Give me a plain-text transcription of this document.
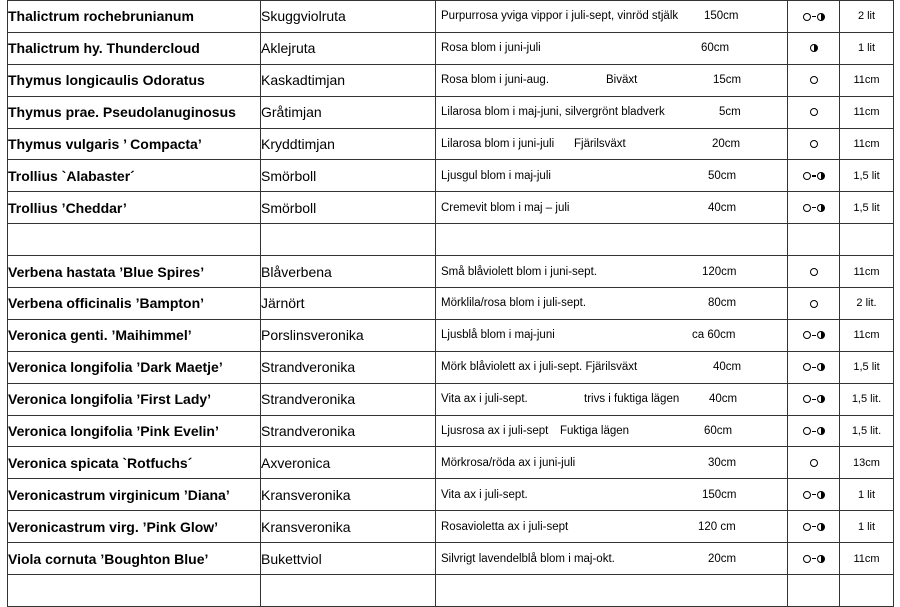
Thalictrum rochebrunianum	Skuggviolruta	Purpurrosa yviga vippor i juli-sept, vinröd stjälk 150cm		2 lit
Thalictrum hy. Thundercloud	Aklejruta	Rosa blom i juni-juli 60cm		1 lit
Thymus longicaulis Odoratus	Kaskadtimjan	Rosa blom i juni-aug. Biväxt 15cm		11cm
Thymus prae. Pseudolanuginosus	Gråtimjan	Lilarosa blom i maj-juni, silvergrönt bladverk 5cm		11cm
Thymus vulgaris ’ Compacta’	Kryddtimjan	Lilarosa blom i juni-juli Fjärilsväxt 20cm		11cm
Trollius `Alabaster´	Smörboll	Ljusgul blom i maj-juli 50cm		1,5 lit
Trollius ’Cheddar’	Smörboll	Cremevit blom i maj – juli 40cm		1,5 lit

Verbena hastata ’Blue Spires’	Blåverbena	Små blåviolett blom i juni-sept. 120cm		11cm
Verbena officinalis ’Bampton’	Järnört	Mörklila/rosa blom i juli-sept. 80cm		2 lit.
Veronica genti. ’Maihimmel’	Porslinsveronika	Ljusblå blom i maj-juni ca 60cm		11cm
Veronica longifolia ’Dark Maetje’	Strandveronika	Mörk blåviolett ax i juli-sept. Fjärilsväxt 40cm		1,5 lit
Veronica longifolia ’First Lady’	Strandveronika	Vita ax i juli-sept. trivs i fuktiga lägen 40cm		1,5 lit.
Veronica longifolia ’Pink Evelin’	Strandveronika	Ljusrosa ax i juli-sept Fuktiga lägen 60cm		1,5 lit.
Veronica spicata `Rotfuchs´	Axveronica	Mörkrosa/röda ax i juni-juli 30cm		13cm
Veronicastrum virginicum ’Diana’	Kransveronika	Vita ax i juli-sept. 150cm		1 lit
Veronicastrum virg. ’Pink Glow’	Kransveronika	Rosavioletta ax i juli-sept 120 cm		1 lit
Viola cornuta ’Boughton Blue’	Bukettviol	Silvrigt lavendelblå blom i maj-okt. 20cm		11cm
